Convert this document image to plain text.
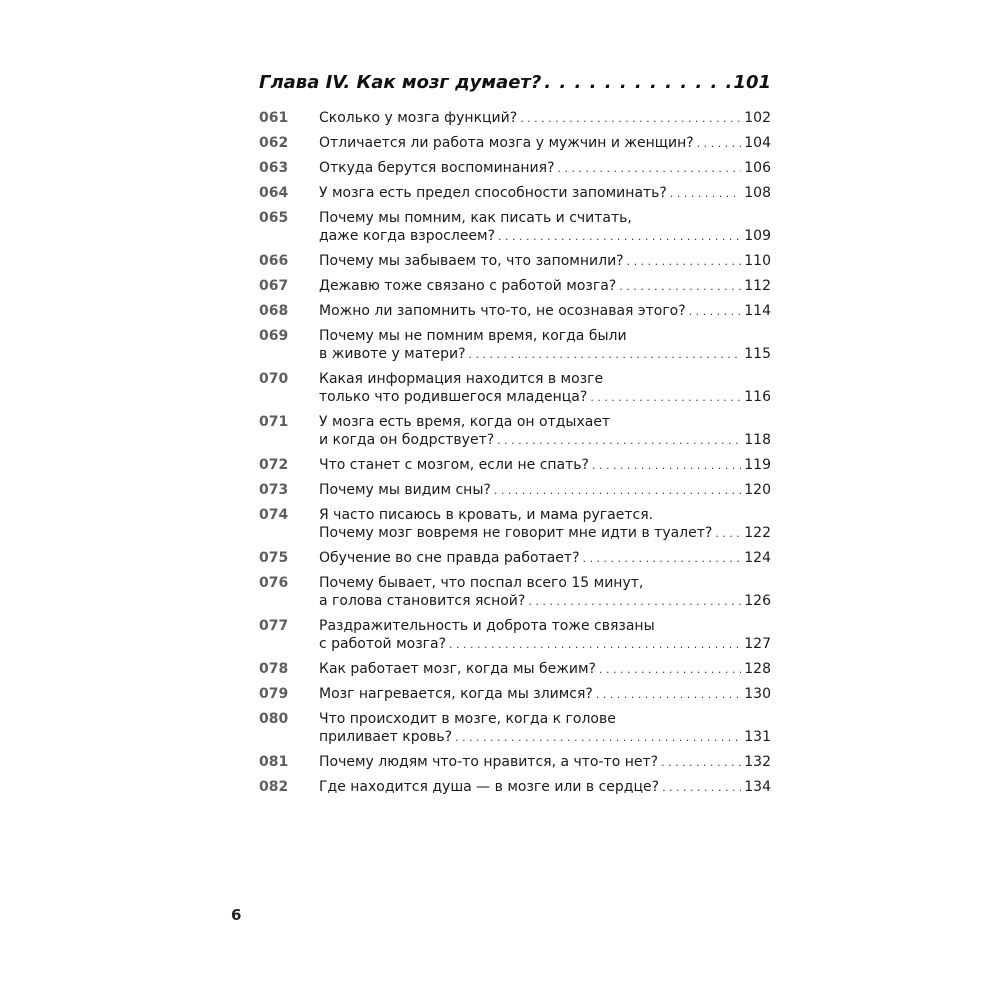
Глава IV. Как мозг думает? . . .	101
061	Сколько у мозга функций? . . .	102
062	Отличается ли работа мозга у мужчин и женщин? . . .	104
063	Откуда берутся воспоминания? . . .	106
064	У мозга есть предел способности запоминать? . . .	108
065	Почему мы помним, как писать и считать,
даже когда взрослеем? . . .	109
066	Почему мы забываем то, что запомнили? . . .	110
067	Дежавю тоже связано с работой мозга? . . .	112
068	Можно ли запомнить что-то, не осознавая этого? . . .	114
069	Почему мы не помним время, когда были
в животе у матери? . . .	115
070	Какая информация находится в мозге
только что родившегося младенца? . . .	116
071	У мозга есть время, когда он отдыхает
и когда он бодрствует? . . .	118
072	Что станет с мозгом, если не спать? . . .	119
073	Почему мы видим сны? . . .	120
074	Я часто писаюсь в кровать, и мама ругается.
Почему мозг вовремя не говорит мне идти в туалет? . . . 122
075	Обучение во сне правда работает? . . .	124
076	Почему бывает, что поспал всего 15 минут,
а голова становится ясной? . . .	126
077	Раздражительность и доброта тоже связаны
с работой мозга? . . .	127
078	Как работает мозг, когда мы бежим? . . .	128
079	Мозг нагревается, когда мы злимся? . . .	130
080	Что происходит в мозге, когда к голове
приливает кровь? . . .	131
081	Почему людям что-то нравится, а что-то нет? . . .	132
082	Где находится душа — в мозге или в сердце? . . .	134
6
